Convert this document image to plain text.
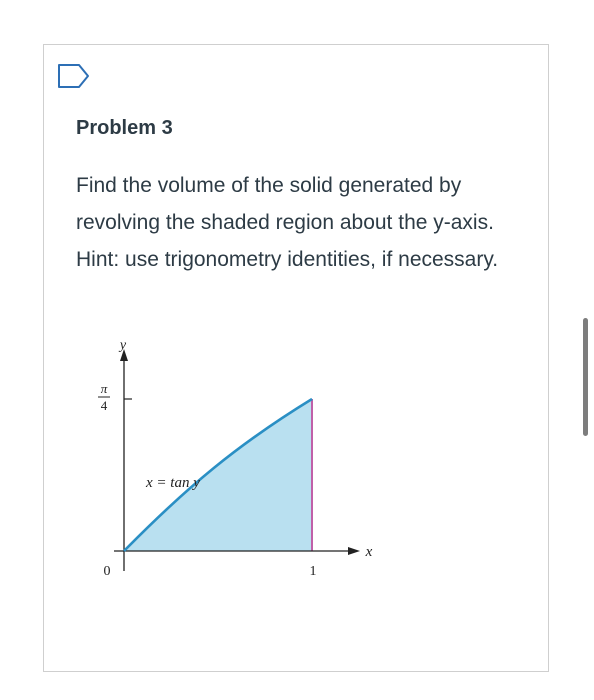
Problem 3

Find the volume of the solid generated by revolving the shaded region about the y-axis. Hint: use trigonometry identities, if necessary.

y
x
π
4
x = tan y
0	1
